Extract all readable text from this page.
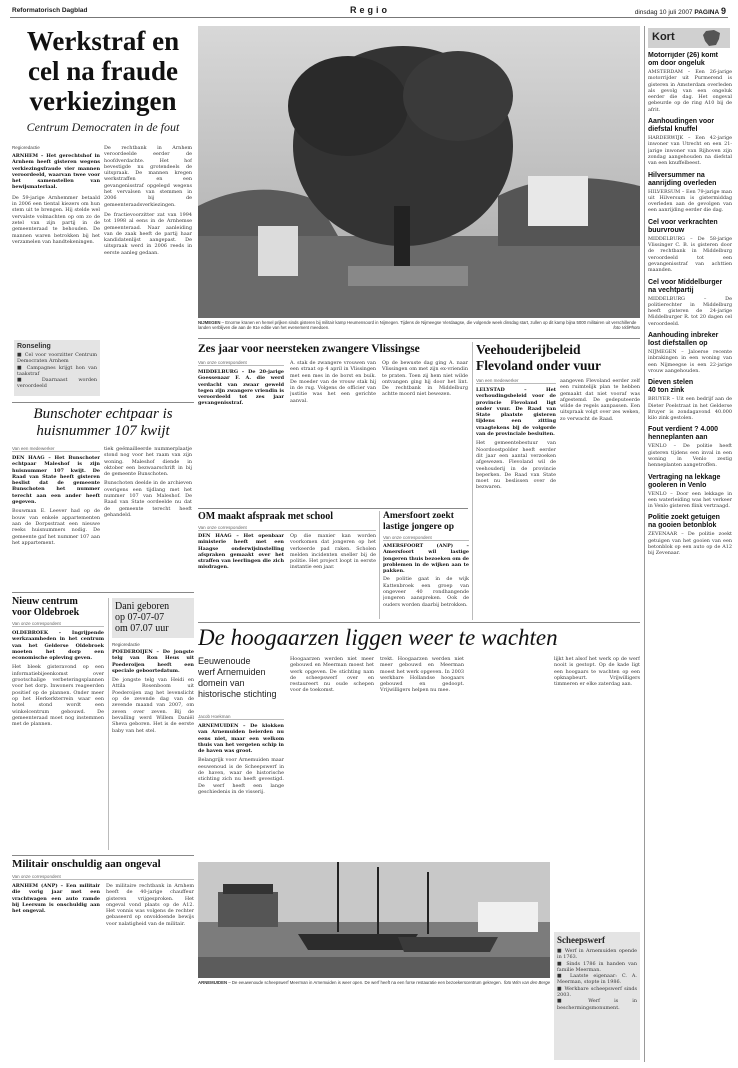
Reformatorisch Dagblad	Regio	dinsdag 10 juli 2007 PAGINA 9
Werkstraf en
cel na fraude
verkiezingen
Centrum Democraten in de fout
Regioredactie
ARNHEM – Het gerechtshof in Arnhem heeft gisteren wegens verkiezingsfraude vier mannen veroordeeld, waarvan twee voor het samenstellen van bewijsmateriaal.
De 59-jarige Arnhemmer betaald in 2006 een tiental kiezers om hun stem uit te brengen. Hij stelde wel vervalste volmachten op om zo de zetel van zijn partij in de gemeenteraad te behouden. De mannen waren betrokken bij het verzamelen van handtekeningen.
Ronseling
■ Cel voor voorzitter Centrum Democraten Arnhem
■ Campagnes krijgt hon van taakstraf
■ Daarnaast worden veroordeeld
De rechtbank in Arnhem veroordeelde eerder de hoofdverdachte. Het hof bevestigde nu grotendeels de uitspraak. De mannen kregen werkstraffen en een gevangenisstraf opgelegd wegens het vervalsen van stemmen in 2006 bij de gemeenteraadsverkiezingen.
De fractievoorzitter zat van 1994 tot 1998 al eens in de Arnhemse gemeenteraad. Naar aanleiding van de zaak heeft de partij haar kandidatenlijst aangepast. De uitspraak werd in 2006 reeds in eerste aanleg gedaan.
Bunschoter echtpaar is
huisnummer 107 kwijt
Van een medewerker
DEN HAAG – Het Bunschoter echtpaar Maleshof is zijn huisnummer 107 kwijt. De Raad van State heeft gisteren beslist dat de gemeente Bunschoten het nummer terecht aan een ander heeft gegeven.
Bouwman E. Leever had op de bouw van enkele appartementen aan de Dorpsstraat een nieuwe reeks huisnummers nodig. De gemeente gaf het nummer 107 aan het appartement.
tiek geëmailleerde nummerplaatje stond nog voor het raam van zijn woning. Maleshof diende in oktober een bezwaarschrift in bij de gemeente Bunschoten.
Bunschoten deelde in de archieven overigens een tijdlang met het nummer 107 van Maleshof. De Raad van State oordeelde nu dat de gemeente terecht heeft gehandeld.
Nieuw centrum
voor Oldebroek
Van onze correspondent
OLDEBROEK – Ingrijpende werkzaamheden in het centrum van het Gelderse Oldebroek moeten het dorp een economische opleving geven.
Het bleek gisteravond op een informatiebijeenkomst over grootschalige verbeteringsplannen voor het dorp. Inwoners reageerden positief op de plannen. Onder meer op het Herkerkterrein waar een hotel stond wordt een winkelcentrum gebouwd. De gemeenteraad moet nog instemmen met de plannen.
Dani geboren
op 07-07-07
om 07.07 uur
Regioredactie
POEDEROIJEN – De jongste telg van Ron Heus uit Poederoijen heeft een speciale geboortedatum.
De jongste telg van Heidi en Attila Rosenboom uit Poederoijen zag het levenslicht op de zevende dag van de zevende maand van 2007, om zeven over zeven. Bij de bevalling werd Willem Daniël Sheva geboren. Het is de eerste baby van het stel.
Militair onschuldig aan ongeval
Van onze correspondent
ARNHEM (ANP) – Een militair die vorig jaar met een vrachtwagen een auto ramde bij Leersum is onschuldig aan het ongeval.
De militaire rechtbank in Arnhem heeft de 40-jarige chauffeur gisteren vrijgesproken. Het ongeval vond plaats op de A12. Het vonnis was volgens de rechter gebaseerd op onvoldoende bewijs voor nalatigheid van de militair.
NIJMEGEN – Enorme kranen en hemel prijken sinds gisteren bij militair kamp Heumensoord in Nijmegen. Tijdens de Nijmeegse Vierdaagse, die volgende week dinsdag start, zullen op dit kamp bijna 5000 militairen uit verschillende landen verblijven die aan de 91e editie van het evenement meedoen.	foto VidiPhoto
Zes jaar voor neersteken zwangere Vlissingse
Van onze correspondent
MIDDELBURG – De 20-jarige Goessenaar F. A. die werd verdacht van zwaar geweld tegen zijn zwangere vriendin is veroordeeld tot zes jaar gevangenisstraf.
A. stak de zwangere vrouwen van een straat op 4 april in Vlissingen met een mes in de borst en buik. De moeder van de vrouw stak hij in de rug. Volgens de officier van justitie was het een gerichte aanval.
Op de bewuste dag ging A. naar Vlissingen om met zijn ex-vriendin te praten. Toen zij hem niet wilde ontvangen ging hij door het lint. De rechtbank in Middelburg achtte moord niet bewezen.
Veehouderijbeleid
Flevoland onder vuur
Van een medewerker
LELYSTAD – Het verhoudingsbeleid voor de provincie Flevoland ligt onder vuur. De Raad van State plaatste gisteren tijdens een zitting vraagtekens bij de volgorde van de provinciale besluiten.
Het gemeentebestuur van Noordoostpolder heeft eerder dit jaar een aantal verzoeken afgewezen. Flevoland wil de veehouderij in de provincie beperken. De Raad van State moet nu beslissen over de bezwaren.
aangeven Flevoland eerder zelf een ruimtelijk plan te hebben gemaakt dat niet vooraf was afgestemd. De gedeputeerde wilde de regels aanpassen. Een uitspraak volgt over zes weken, zo verwacht de Raad.
OM maakt afspraak met school
Van onze correspondent
DEN HAAG – Het openbaar ministerie heeft met een Haagse onderwijsinstelling afspraken gemaakt over het straffen van leerlingen die zich misdragen.
Op die manier kan worden voorkomen dat jongeren op het verkeerde pad raken. Scholen melden incidenten sneller bij de politie. Het project loopt in eerste instantie een jaar.
Amersfoort zoekt
lastige jongere op
Van onze correspondent
AMERSFOORT (ANP) – Amersfoort wil lastige jongeren thuis bezoeken om de problemen in de wijken aan te pakken.
De politie gaat in de wijk Kattenbroek een groep van ongeveer 40 rondhangende jongeren aanspreken. Ook de ouders worden daarbij betrokken.
De hoogaarzen liggen weer te wachten
Eeuwenoude
werf Arnemuiden
domein van
historische stichting
Jacob Hoekman
ARNEMUIDEN – De klokken van Arnemuiden beierden nu eens niet, maar een welkom thuis van het vergeten schip in de haven was groot.
Belangrijk voor Arnemuiden maar eeuwenoud is de Scheepswerf in de haven, waar de historische stichting zich nu heeft gevestigd. De werf heeft een lange geschiedenis in de visserij.
Hoogaarzen werden niet meer gebouwd en Meerman moest het werk opgeven. De stichting nam de scheepswerf over en restaureert nu oude schepen voor de toekomst.
ARNEMUIDEN – De eeuwenoude scheepswerf Meerman in Arnemuiden is weer open. De werf heeft na een forse restauratie een bezoekerscentrum gekregen. foto Wim van den Berge
trekt. Hoogaarzen werden niet meer gebouwd en Meerman moest het werk opgeven. In 2003 werkbare Hollandse hoogaars gebouwd en gedoopt. Vrijwilligers helpen nu mee.
lijkt het alsof het werk op de werf nooit is gestopt. Op de kade ligt een hoogaars te wachten op een opknapbeurt. Vrijwilligers timmeren er elke zaterdag aan.
Scheepswerf
■ Werf in Arnemuiden opende in 1763.
■ Sinds 1786 in handen van familie Meerman.
■ Laatste eigenaar: C. A. Meerman, stopte in 1986.
■ Werkbare scheepswerf sinds 2003.
■ Werf is in beschermingsmonument.
Kort
Motorrijder (26) komt
om door ongeluk
AMSTERDAM – Een 26-jarige motorrijder uit Purmerend is gisteren in Amsterdam overleden als gevolg van een ongeluk eerder die dag. Het ongeval gebeurde op de ring A10 bij de afrit.
Aanhoudingen voor
diefstal knuffel
HARDERWIJK – Een 42-jarige inwoner van Utrecht en een 21-jarige inwoner van Rijhoven zijn zondag aangehouden na diefstal van een knuffelbeest.
Hilversummer na
aanrijding overleden
HILVERSUM – Een 79-jarige man uit Hilversum is gistermiddag overleden aan de gevolgen van een aanrijding eerder die dag.
Cel voor verkrachten
buurvrouw
MIDDELBURG – De 58-jarige Vlissinger C. B. is gisteren door de rechtbank in Middelburg veroordeeld tot een gevangenisstraf van achttien maanden.
Cel voor Middelburger
na vechtpartij
MIDDELBURG – De politierechter in Middelburg heeft gisteren de 24-jarige Middelburger R. tot 20 dagen cel veroordeeld.
Aanhouding inbreker
lost diefstallen op
NIJMEGEN – Jaloerse recente inbrakingen in een woning van een Nijmeegse is een 22-jarige vrouw aangehouden.
Dieven stelen
40 ton zink
BRUYER – Uit een bedrijf aan de Dieter Poelstraat in het Gelderse Bruyer is zondagavond 40.000 kilo zink gestolen.
Fout verdient ? 4.000
henneplanten aan
VENLO – De politie heeft gisteren tijdens een inval in een woning in Venlo zestig henneplanten aangetroffen.
Vertraging na lekkage
gooleren in Venlo
VENLO – Door een lekkage in een waterleiding was het verkeer in Venlo gisteren flink vertraagd.
Politie zoekt getuigen
na gooien betonblok
ZEVENAAR – De politie zoekt getuigen van het gooien van een betonblok op een auto op de A12 bij Zevenaar.
